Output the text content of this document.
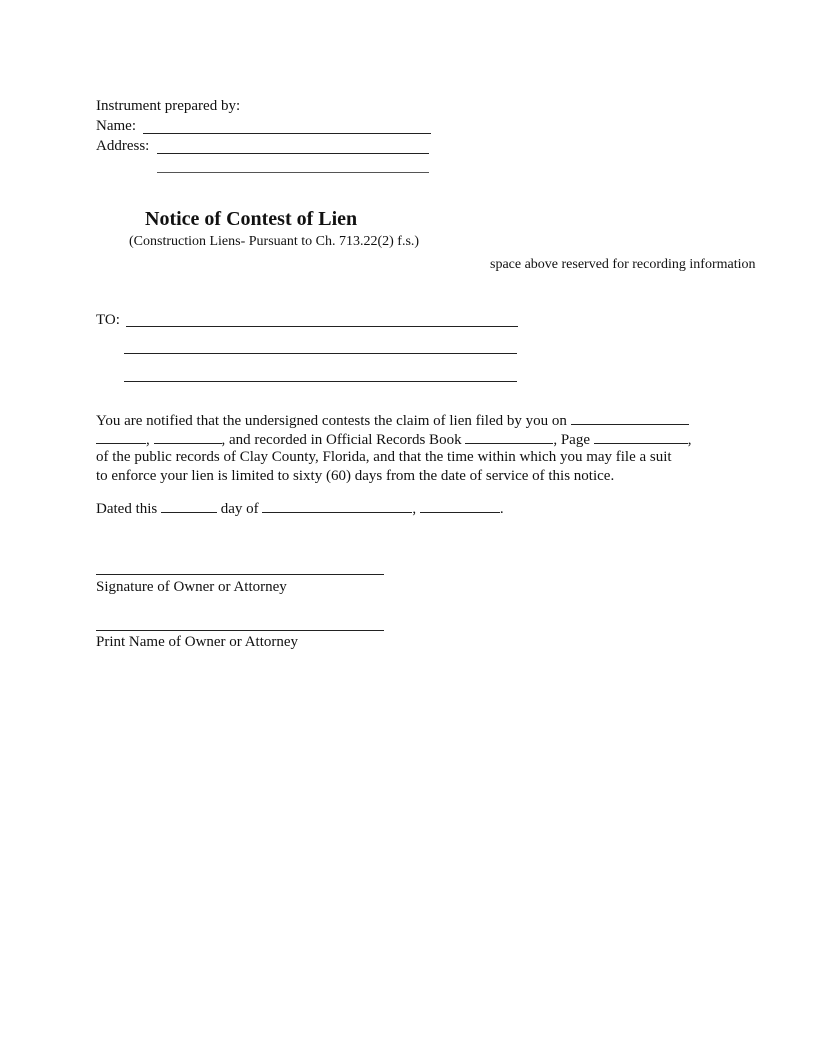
Instrument prepared by:
Name:
Address:
Notice of Contest of Lien
(Construction Liens- Pursuant to Ch. 713.22(2) f.s.)
space above reserved for recording information
TO:
You are notified that the undersigned contests the claim of lien filed by you on
,	, and recorded in Official Records Book	, Page	,
of the public records of Clay County, Florida, and that the time within which you may file a suit
to enforce your lien is limited to sixty (60) days from the date of service of this notice.
Dated this	day of	,	.
Signature of Owner or Attorney
Print Name of Owner or Attorney
